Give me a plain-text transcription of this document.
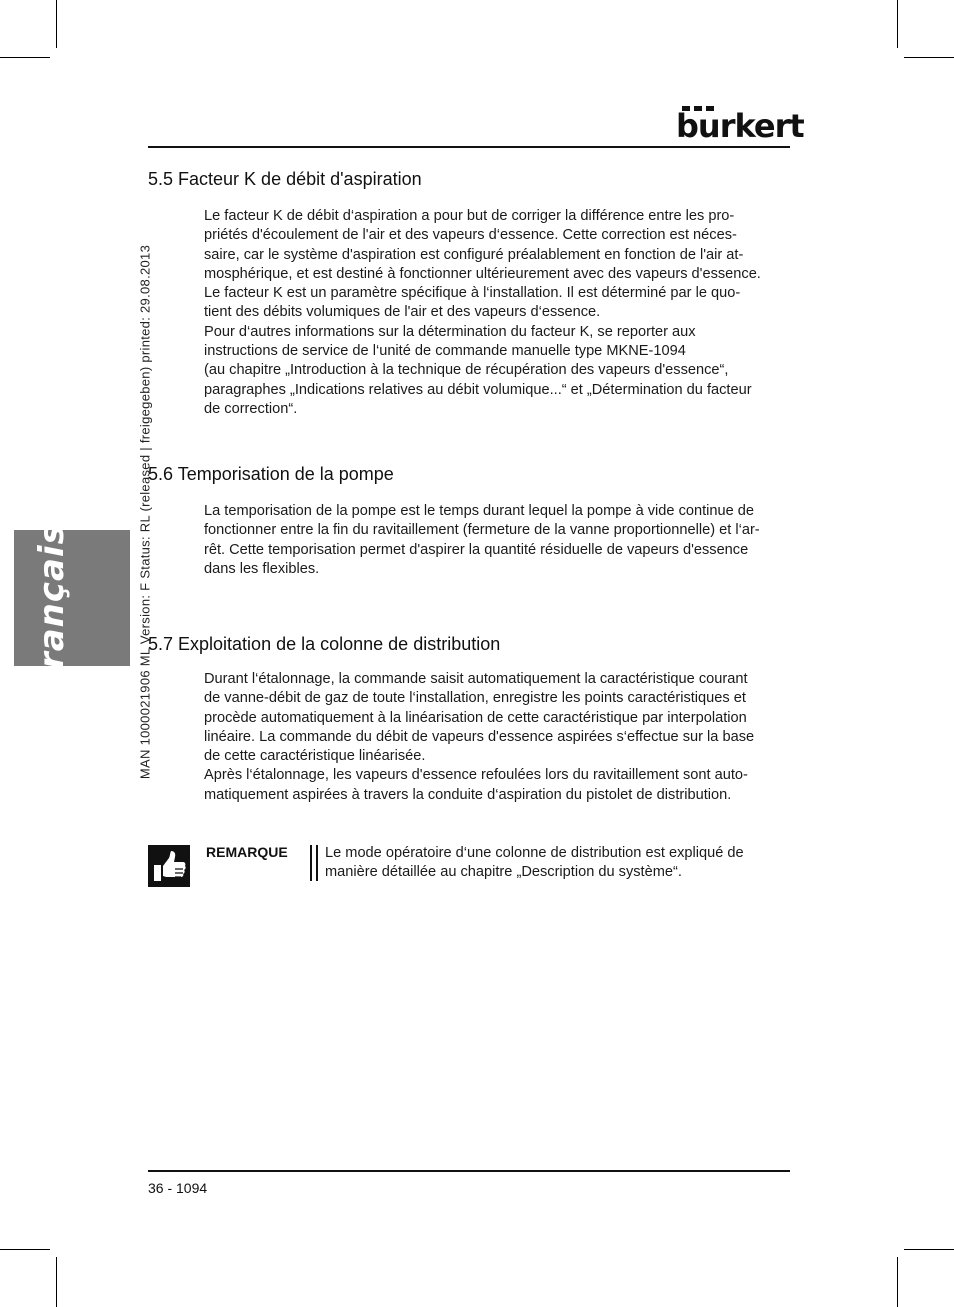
burkert
français	MAN 1000021906 ML Version: F Status: RL (released | freigegeben) printed: 29.08.2013
5.5 Facteur K de débit d'aspiration
Le facteur K de débit d‘aspiration a pour but de corriger la différence entre les pro-
priétés d'écoulement de l'air et des vapeurs d‘essence. Cette correction est néces-
saire, car le système d'aspiration est configuré préalablement en fonction de l'air at-
mosphérique, et est destiné à fonctionner ultérieurement avec des vapeurs d'essence.
Le facteur K est un paramètre spécifique à l‘installation. Il est déterminé par le quo-
tient des débits volumiques de l'air et des vapeurs d‘essence.
Pour d‘autres informations sur la détermination du facteur K, se reporter aux
instructions de service de l‘unité de commande manuelle type MKNE-1094
(au chapitre „Introduction à la technique de récupération des vapeurs d'essence“,
paragraphes „Indications relatives au débit volumique...“ et „Détermination du facteur
de correction“.
5.6 Temporisation de la pompe
La temporisation de la pompe est le temps durant lequel la pompe à vide continue de
fonctionner entre la fin du ravitaillement (fermeture de la vanne proportionnelle) et l‘ar-
rêt. Cette temporisation permet d'aspirer la quantité résiduelle de vapeurs d'essence
dans les flexibles.
5.7 Exploitation de la colonne de distribution
Durant l‘étalonnage, la commande saisit automatiquement la caractéristique courant
de vanne-débit de gaz de toute l‘installation, enregistre les points caractéristiques et
procède automatiquement à la linéarisation de cette caractéristique par interpolation
linéaire. La commande du débit de vapeurs d'essence aspirées s‘effectue sur la base
de cette caractéristique linéarisée.
Après l‘étalonnage, les vapeurs d'essence refoulées lors du ravitaillement sont auto-
matiquement aspirées à travers la conduite d‘aspiration du pistolet de distribution.
REMARQUE	Le mode opératoire d‘une colonne de distribution est expliqué de
manière détaillée au chapitre „Description du système“.
36 - 1094
